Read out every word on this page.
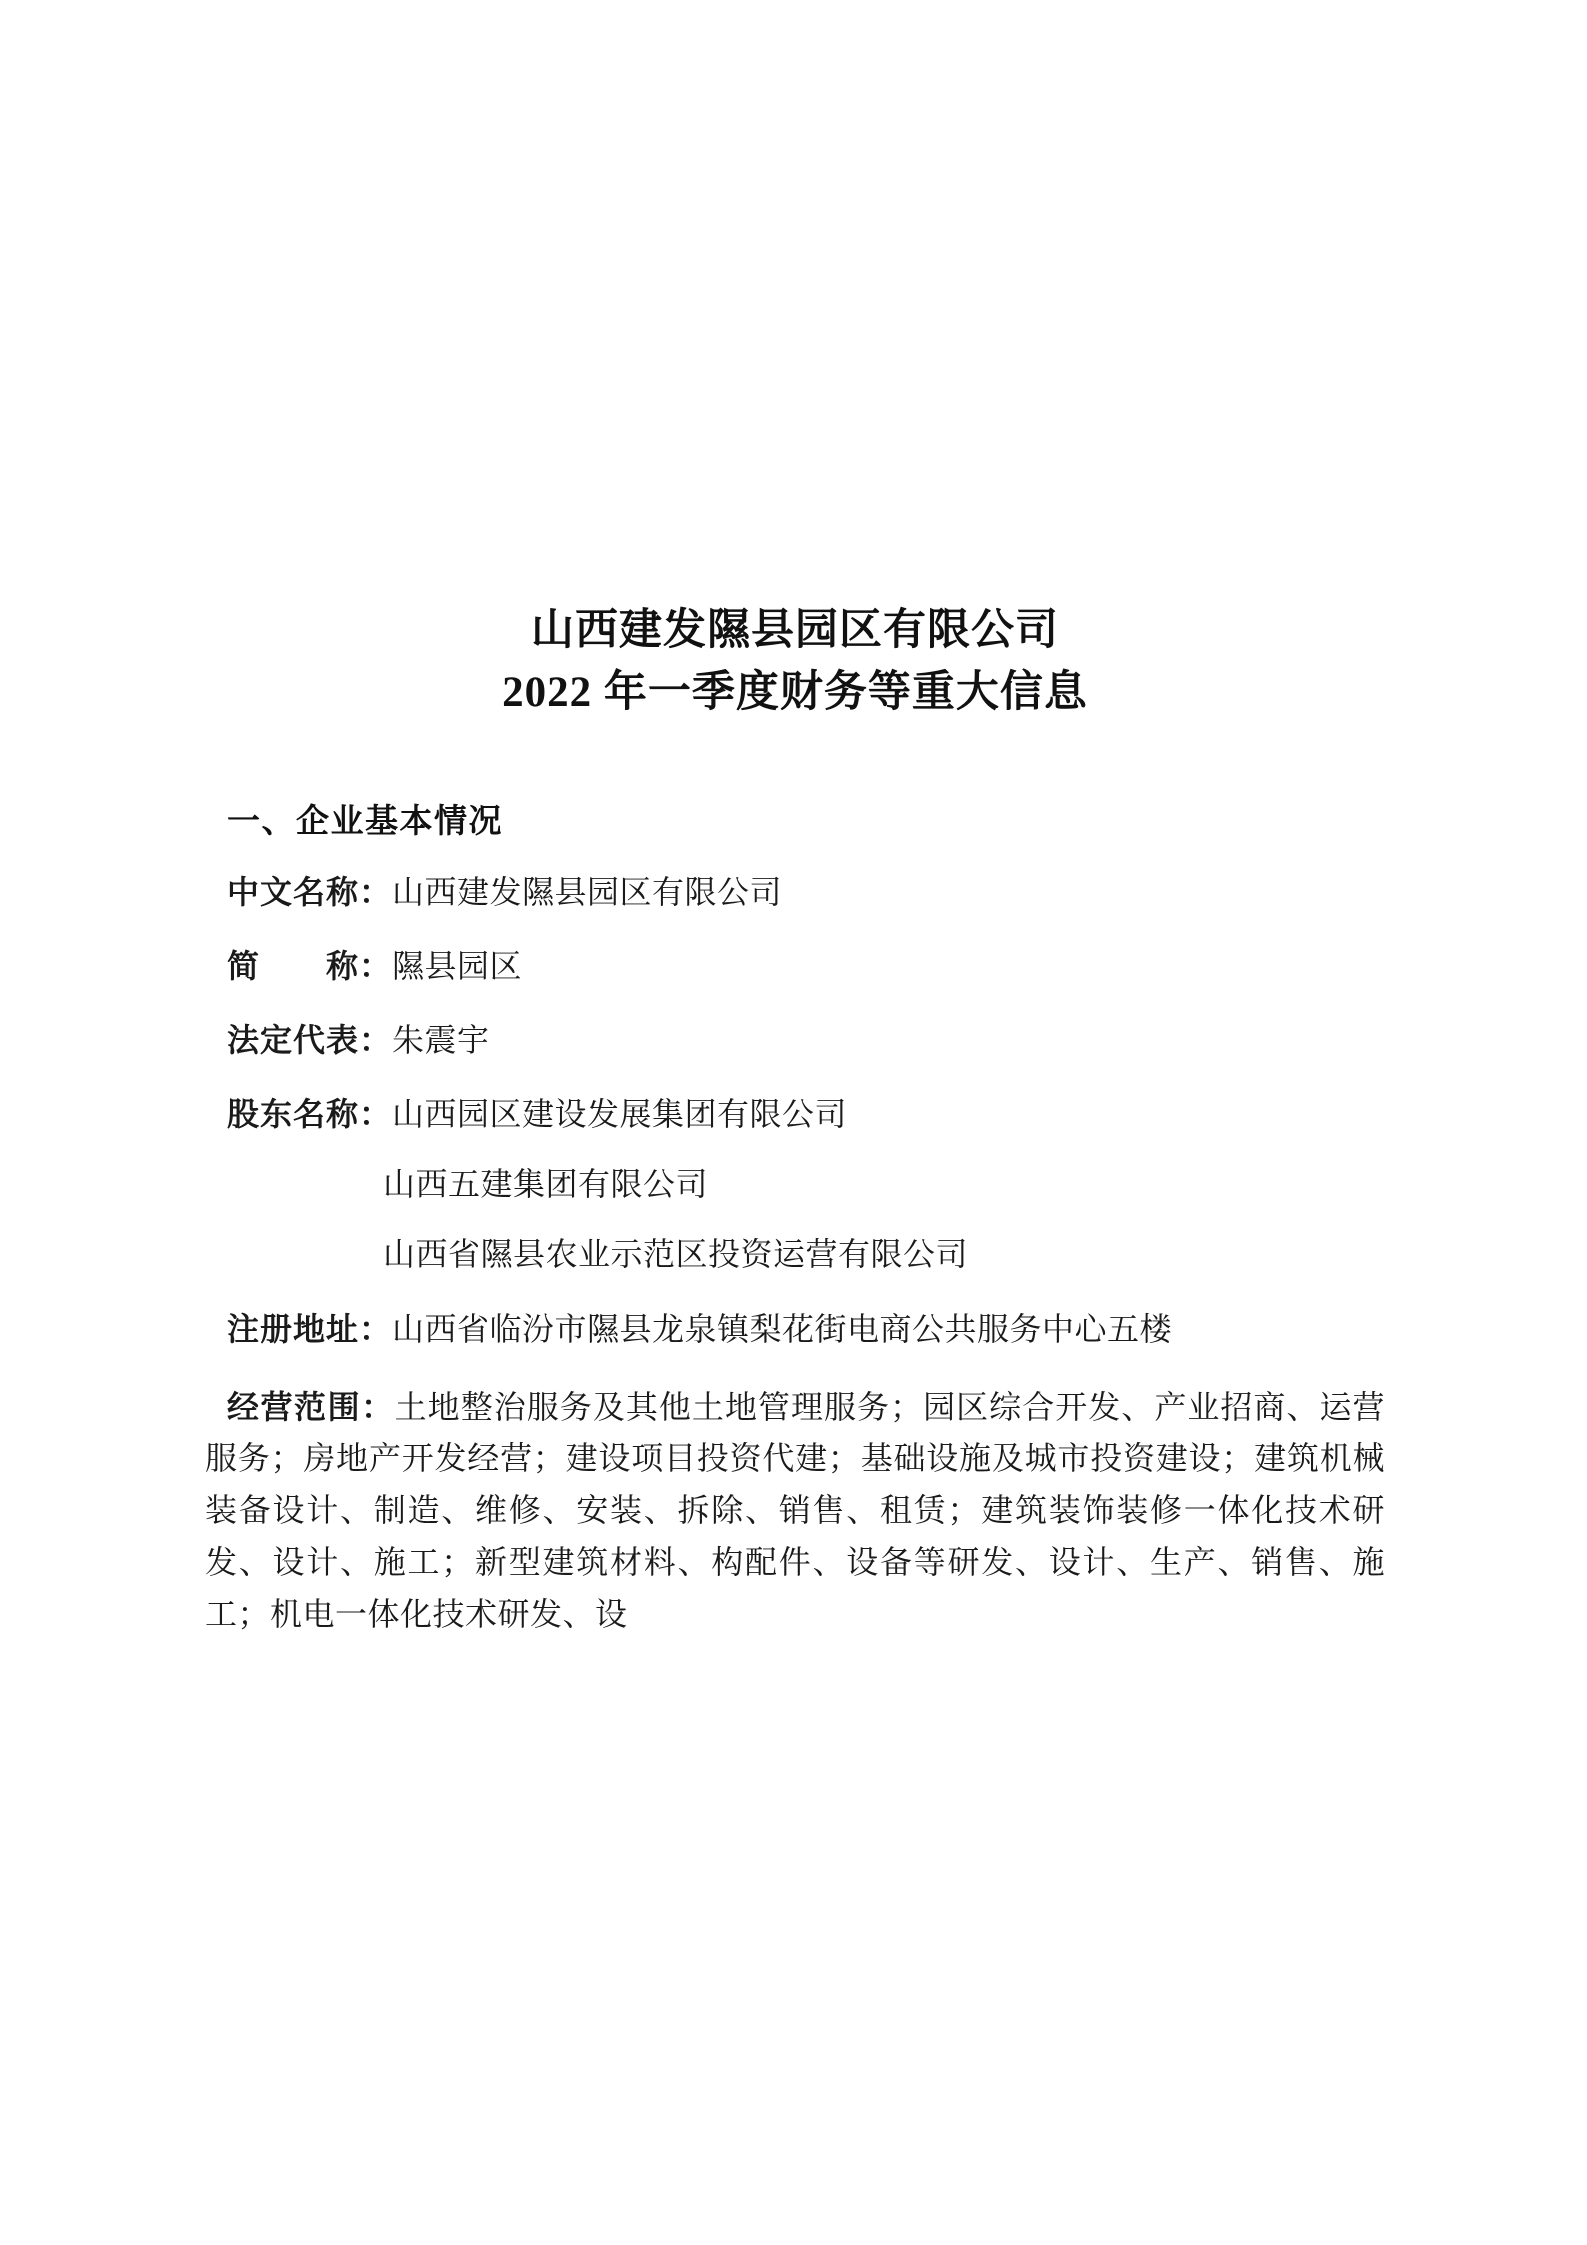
山西建发隰县园区有限公司
2022 年一季度财务等重大信息
一、企业基本情况
中文名称：山西建发隰县园区有限公司
简　　称：隰县园区
法定代表：朱震宇
股东名称：山西园区建设发展集团有限公司
山西五建集团有限公司
山西省隰县农业示范区投资运营有限公司
注册地址：山西省临汾市隰县龙泉镇梨花街电商公共服务中心五楼
经营范围：土地整治服务及其他土地管理服务；园区综合开发、产业招商、运营服务；房地产开发经营；建设项目投资代建；基础设施及城市投资建设；建筑机械装备设计、制造、维修、安装、拆除、销售、租赁；建筑装饰装修一体化技术研发、设计、施工；新型建筑材料、构配件、设备等研发、设计、生产、销售、施工；机电一体化技术研发、设
